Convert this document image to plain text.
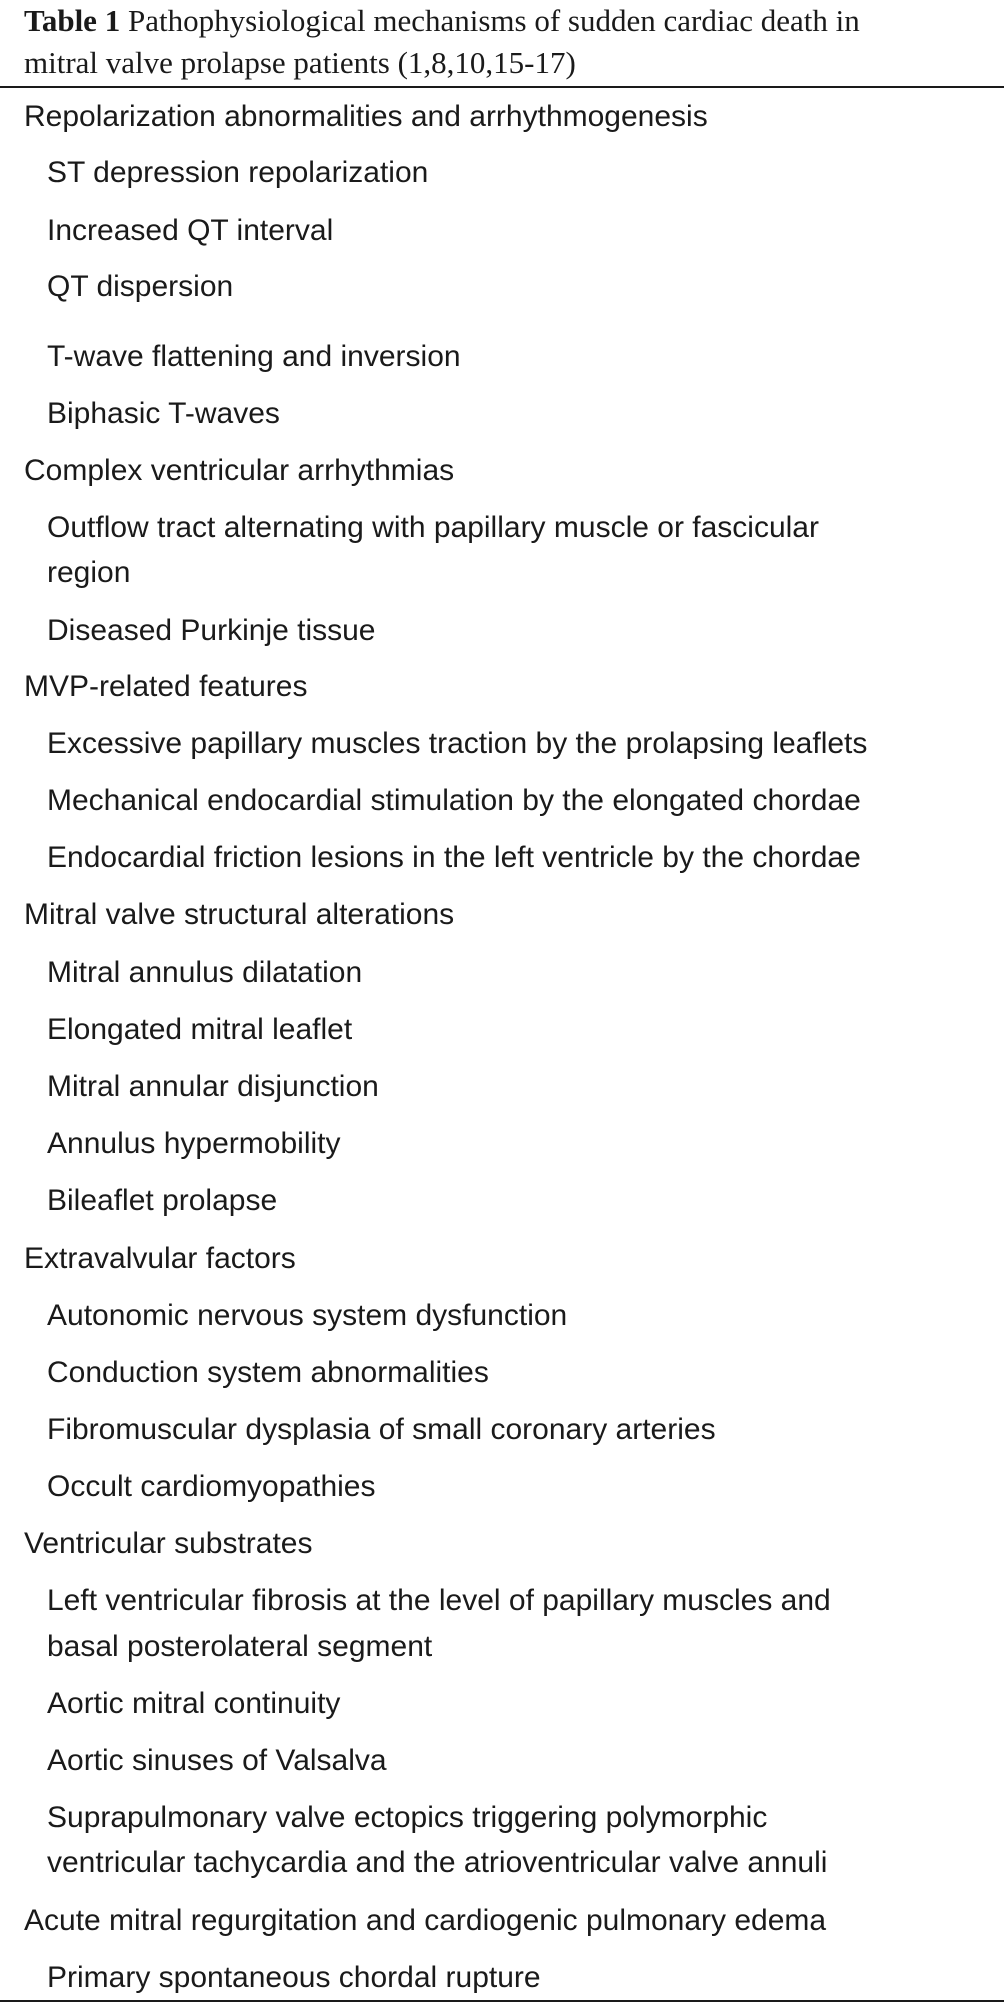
Table 1 Pathophysiological mechanisms of sudden cardiac death in
mitral valve prolapse patients (1,8,10,15-17)
Repolarization abnormalities and arrhythmogenesis
ST depression repolarization
Increased QT interval
QT dispersion
T-wave flattening and inversion
Biphasic T-waves
Complex ventricular arrhythmias
Outflow tract alternating with papillary muscle or fascicular
region
Diseased Purkinje tissue
MVP-related features
Excessive papillary muscles traction by the prolapsing leaflets
Mechanical endocardial stimulation by the elongated chordae
Endocardial friction lesions in the left ventricle by the chordae
Mitral valve structural alterations
Mitral annulus dilatation
Elongated mitral leaflet
Mitral annular disjunction
Annulus hypermobility
Bileaflet prolapse
Extravalvular factors
Autonomic nervous system dysfunction
Conduction system abnormalities
Fibromuscular dysplasia of small coronary arteries
Occult cardiomyopathies
Ventricular substrates
Left ventricular fibrosis at the level of papillary muscles and
basal posterolateral segment
Aortic mitral continuity
Aortic sinuses of Valsalva
Suprapulmonary valve ectopics triggering polymorphic
ventricular tachycardia and the atrioventricular valve annuli
Acute mitral regurgitation and cardiogenic pulmonary edema
Primary spontaneous chordal rupture
